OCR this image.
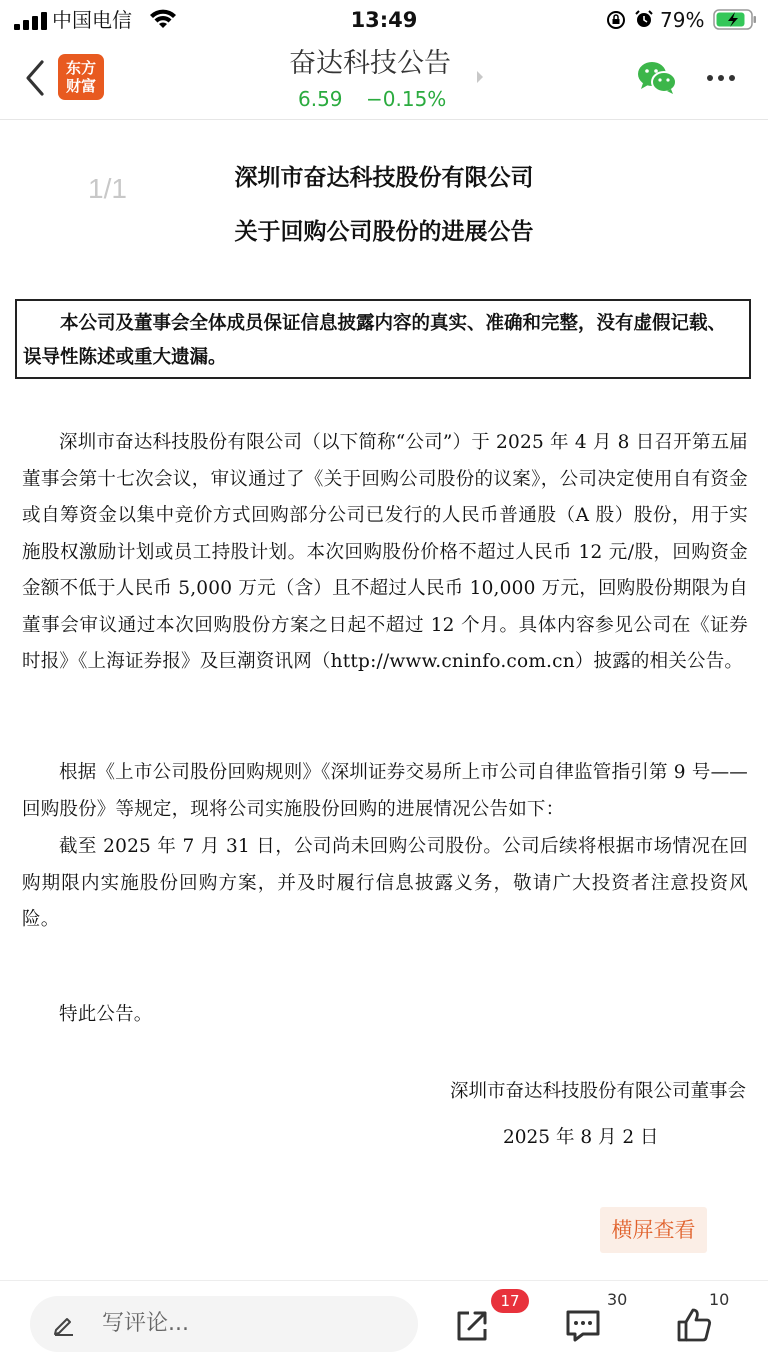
中国电信	13:49	79%
东方
财富
奋达科技公告
6.59 −0.15%
1/1	深圳市奋达科技股份有限公司
关于回购公司股份的进展公告
本公司及董事会全体成员保证信息披露内容的真实、准确和完整，没有虚假记载、误导性陈述或重大遗漏。

深圳市奋达科技股份有限公司（以下简称“公司”）于 2025 年 4 月 8 日召开第五届董事会第十七次会议，审议通过了《关于回购公司股份的议案》，公司决定使用自有资金或自筹资金以集中竞价方式回购部分公司已发行的人民币普通股（A 股）股份，用于实施股权激励计划或员工持股计划。本次回购股份价格不超过人民币 12 元/股，回购资金金额不低于人民币 5,000 万元（含）且不超过人民币 10,000 万元，回购股份期限为自董事会审议通过本次回购股份方案之日起不超过 12 个月。具体内容参见公司在《证券时报》《上海证券报》及巨潮资讯网（http://www.cninfo.com.cn）披露的相关公告。

根据《上市公司股份回购规则》《深圳证券交易所上市公司自律监管指引第 9 号——回购股份》等规定，现将公司实施股份回购的进展情况公告如下：

截至 2025 年 7 月 31 日，公司尚未回购公司股份。公司后续将根据市场情况在回购期限内实施股份回购方案，并及时履行信息披露义务，敬请广大投资者注意投资风险。

特此公告。

深圳市奋达科技股份有限公司董事会
2025 年 8 月 2 日
横屏查看
写评论...
17	30	10
